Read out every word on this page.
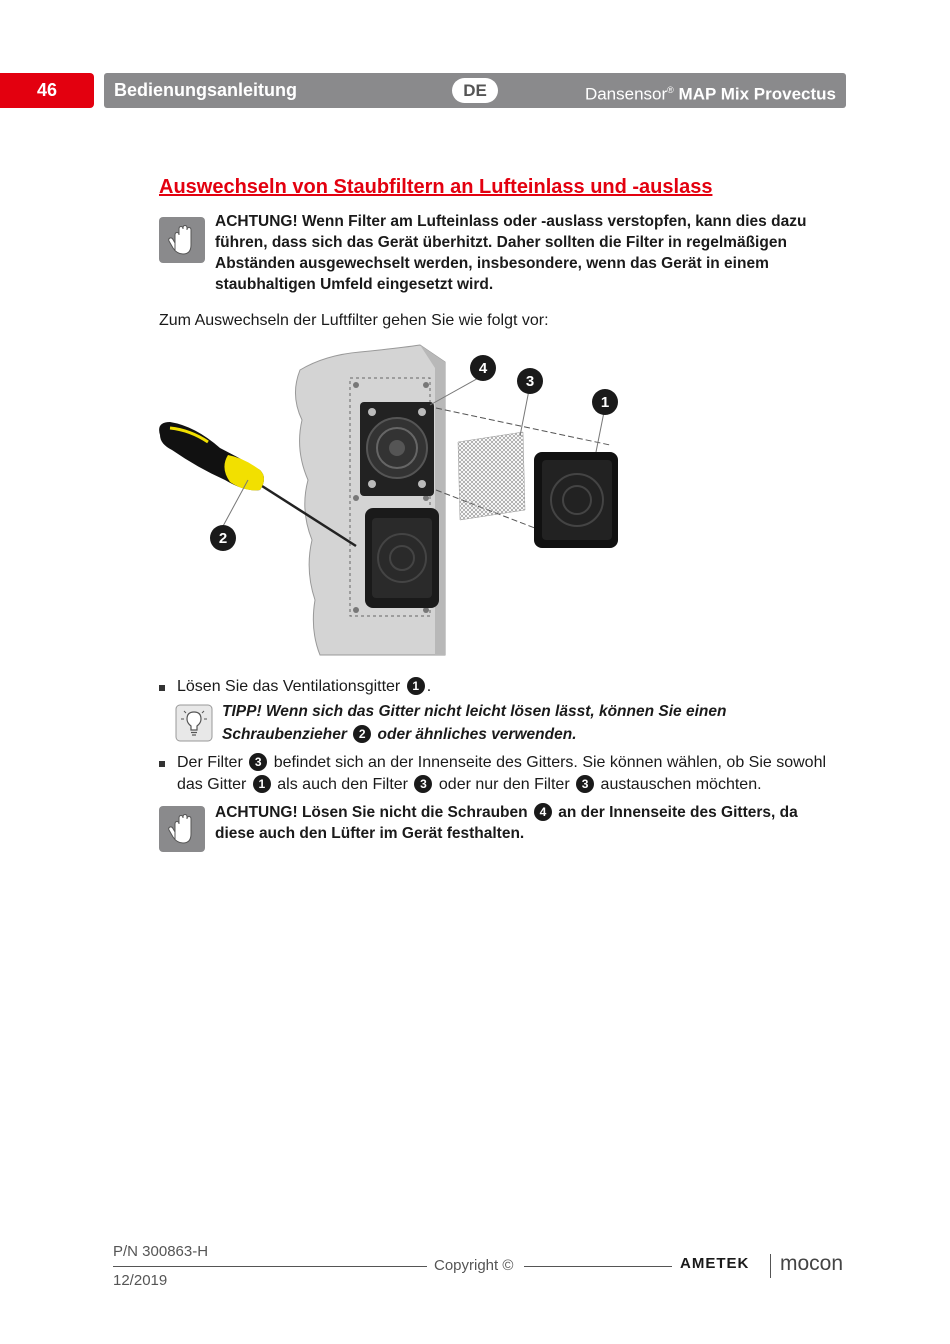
46	Bedienungsanleitung	DE	Dansensor® MAP Mix Provectus
Auswechseln von Staubfiltern an Lufteinlass und -auslass
ACHTUNG! Wenn Filter am Lufteinlass oder -auslass verstopfen, kann dies dazu führen, dass sich das Gerät überhitzt. Daher sollten die Filter in regelmäßigen Abständen ausgewechselt werden, insbesondere, wenn das Gerät in einem staubhaltigen Umfeld eingesetzt wird.
Zum Auswechseln der Luftfilter gehen Sie wie folgt vor:
4
3
1
2
Lösen Sie das Ventilationsgitter 1 .
TIPP! Wenn sich das Gitter nicht leicht lösen lässt, können Sie einen Schraubenzieher 2 oder ähnliches verwenden.
Der Filter 3 befindet sich an der Innenseite des Gitters. Sie können wählen, ob Sie sowohl das Gitter 1 als auch den Filter 3 oder nur den Filter 3 austauschen möchten.
ACHTUNG! Lösen Sie nicht die Schrauben 4 an der Innenseite des Gitters, da diese auch den Lüfter im Gerät festhalten.
P/N 300863-H
12/2019
Copyright ©	AMETEK mocon
